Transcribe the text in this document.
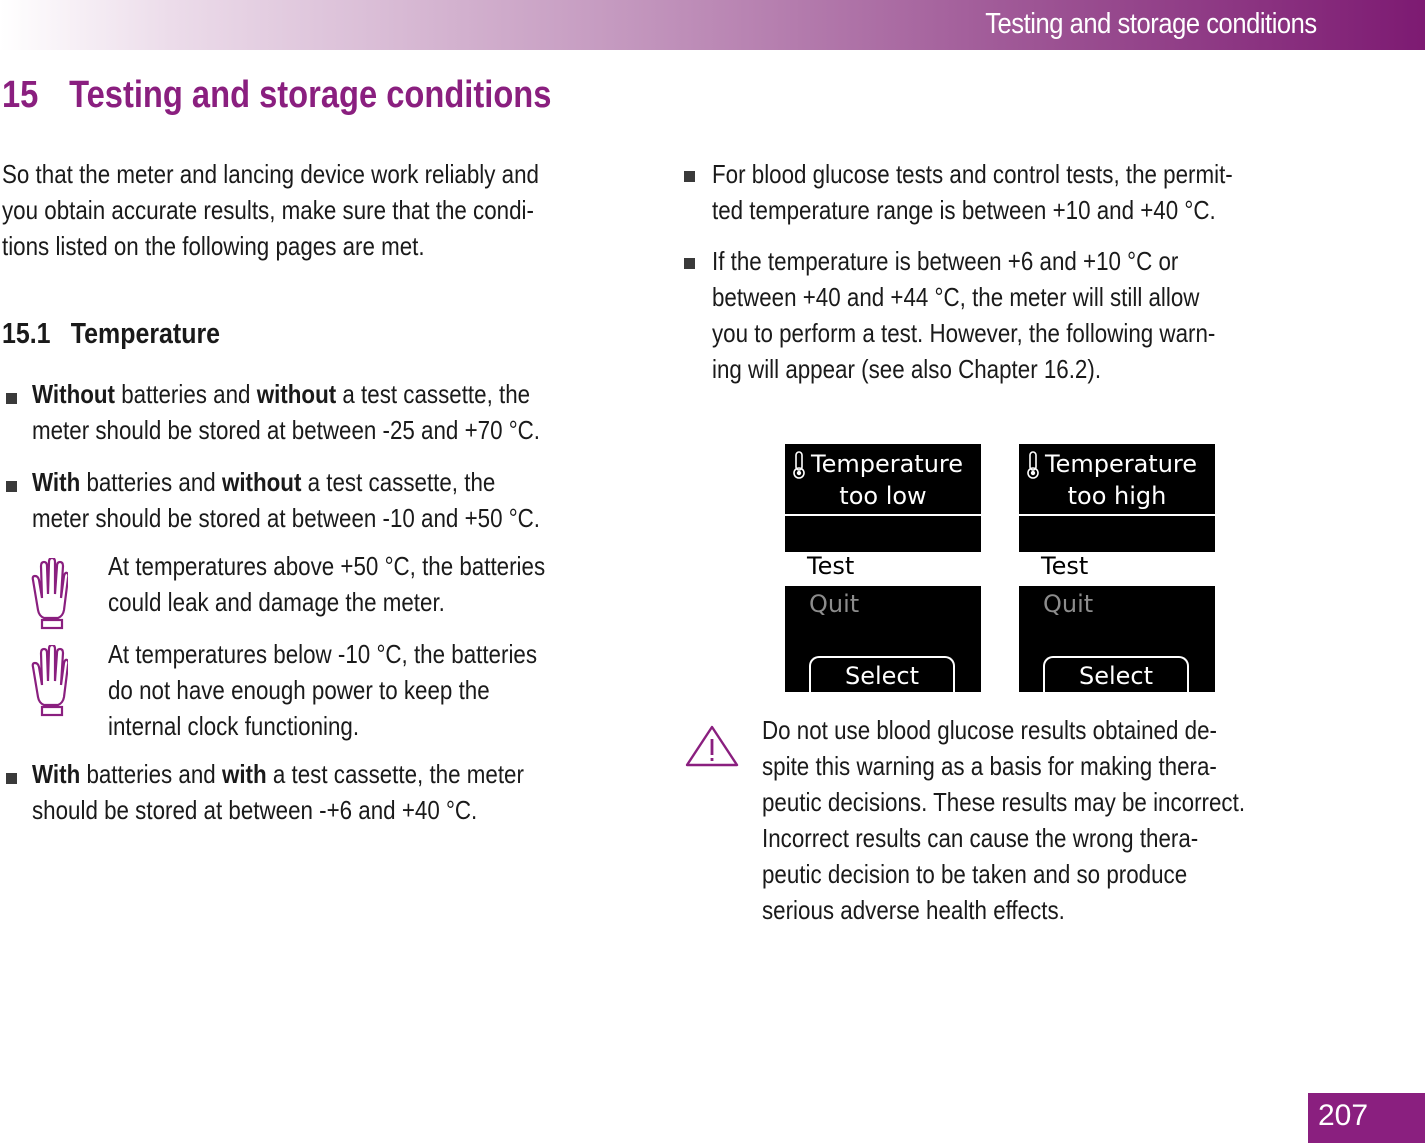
Testing and storage conditions
15 Testing and storage conditions
So that the meter and lancing device work reliably and
you obtain accurate results, make sure that the condi-
tions listed on the following pages are met.
15.1 Temperature
Without batteries and without a test cassette, the
meter should be stored at between -25 and +70 °C.
With batteries and without a test cassette, the
meter should be stored at between -10 and +50 °C.
At temperatures above +50 °C, the batteries
could leak and damage the meter.
At temperatures below -10 °C, the batteries
do not have enough power to keep the
internal clock functioning.
With batteries and with a test cassette, the meter
should be stored at between -+6 and +40 °C.
For blood glucose tests and control tests, the permit-
ted temperature range is between +10 and +40 °C.
If the temperature is between +6 and +10 °C or
between +40 and +44 °C, the meter will still allow
you to perform a test. However, the following warn-
ing will appear (see also Chapter 16.2).
Temperature
too low
Test
Quit
Select
Temperature
too high
Test
Quit
Select
Do not use blood glucose results obtained de-
spite this warning as a basis for making thera-
peutic decisions. These results may be incorrect.
Incorrect results can cause the wrong thera-
peutic decision to be taken and so produce
serious adverse health effects.
207
